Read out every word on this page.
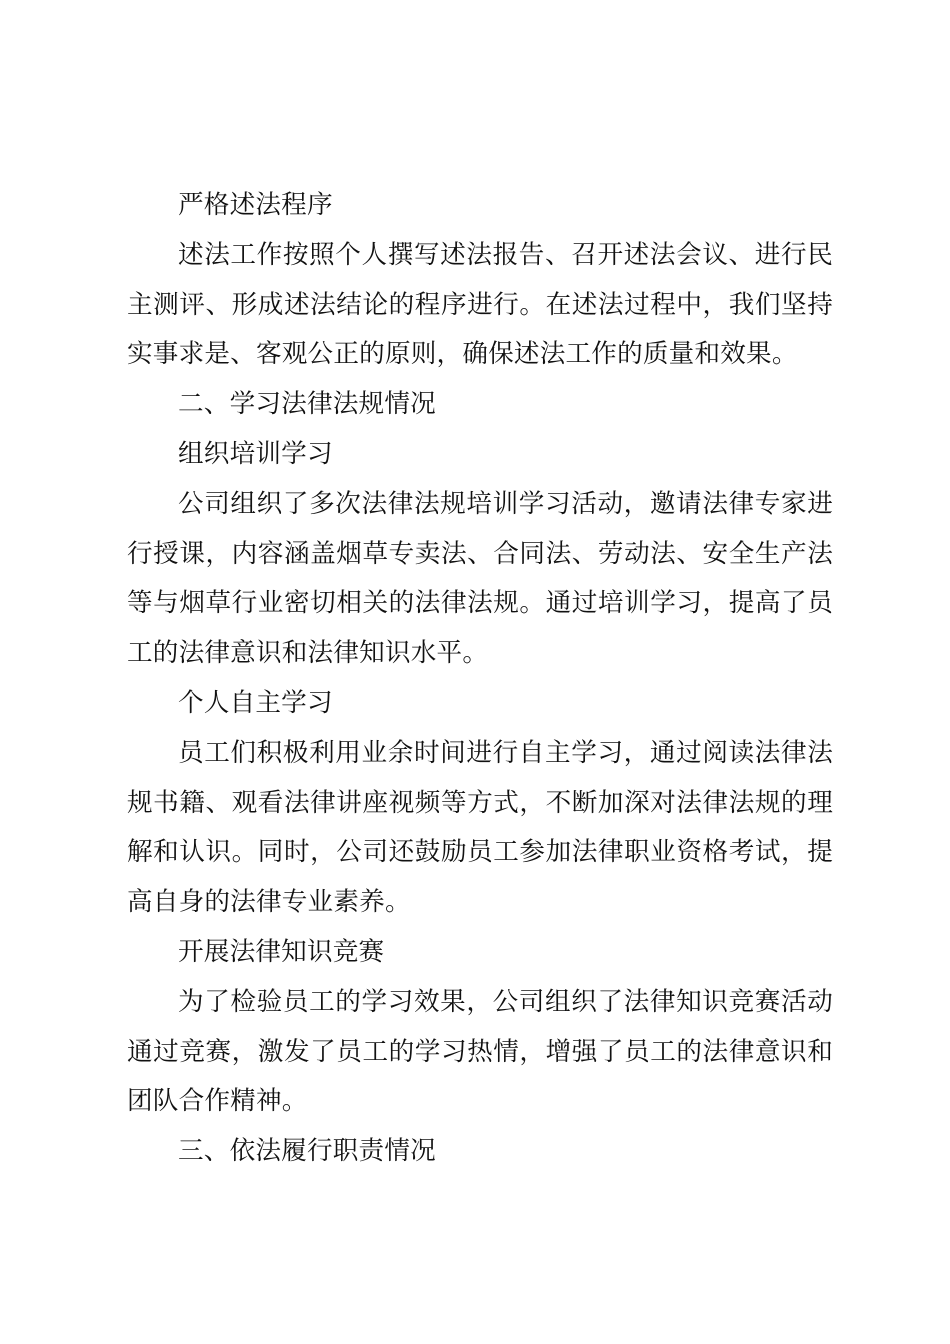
严格述法程序

述法工作按照个人撰写述法报告、召开述法会议、进行民主测评、形成述法结论的程序进行。在述法过程中，我们坚持实事求是、客观公正的原则，确保述法工作的质量和效果。

二、学习法律法规情况

组织培训学习

公司组织了多次法律法规培训学习活动，邀请法律专家进行授课，内容涵盖烟草专卖法、合同法、劳动法、安全生产法等与烟草行业密切相关的法律法规。通过培训学习，提高了员工的法律意识和法律知识水平。

个人自主学习

员工们积极利用业余时间进行自主学习，通过阅读法律法规书籍、观看法律讲座视频等方式，不断加深对法律法规的理解和认识。同时，公司还鼓励员工参加法律职业资格考试，提高自身的法律专业素养。

开展法律知识竞赛

为了检验员工的学习效果，公司组织了法律知识竞赛活动通过竞赛，激发了员工的学习热情，增强了员工的法律意识和团队合作精神。

三、依法履行职责情况
